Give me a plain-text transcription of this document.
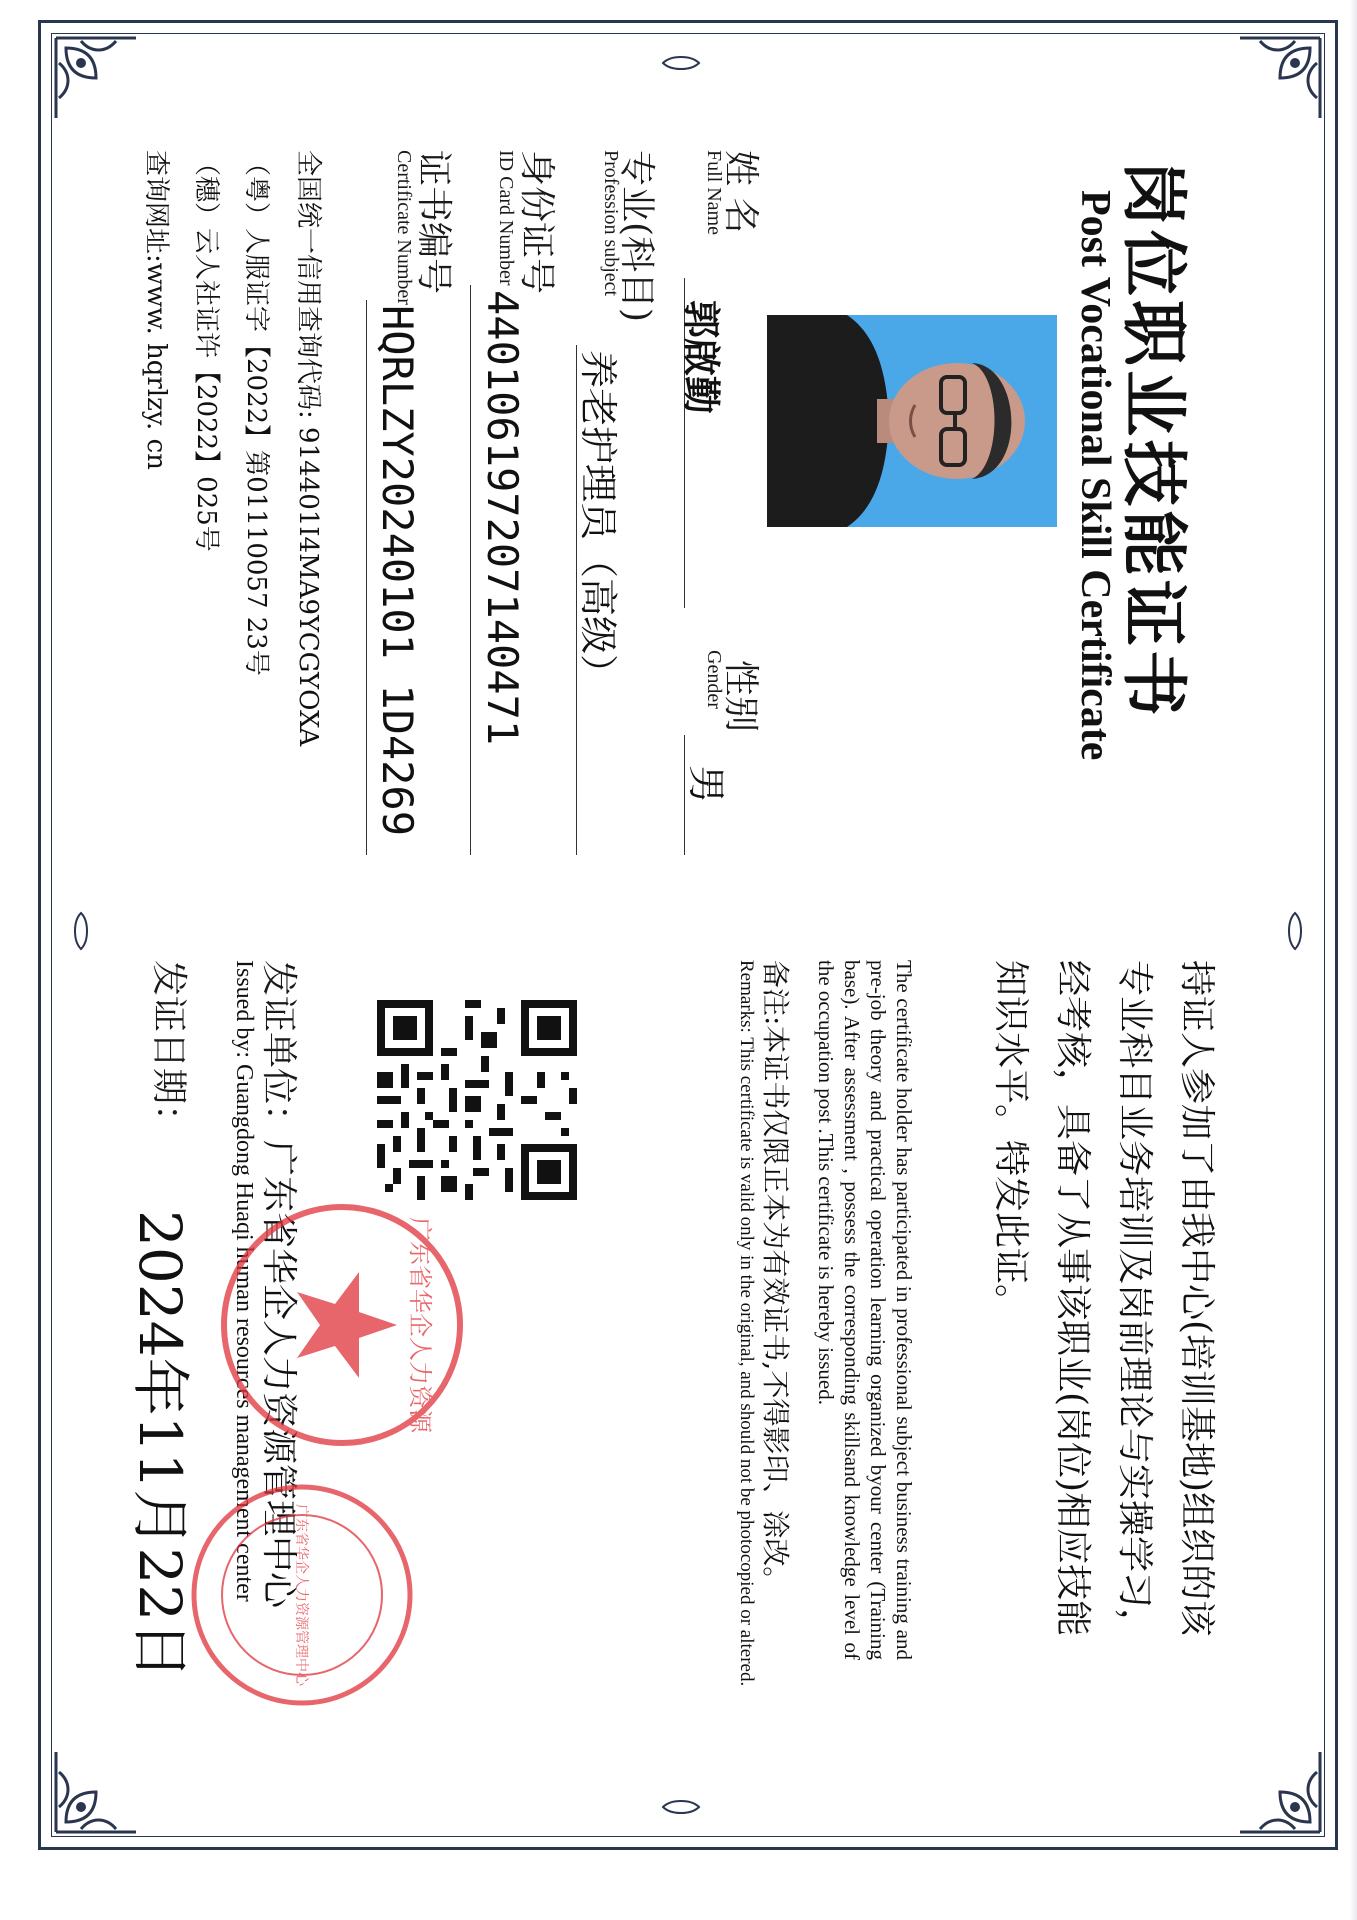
岗位职业技能证书
Post Vocational Skill Certificate
姓 名
Full Name
郭啟勤
性别
Gender
男
专业(科目)
Profession subject
养老护理员（高级）
身份证号
ID Card Number
440106197207140471
证书编号
Certificate Number
HQRLZY20240101 1D4269
全国统一信用查询代码: 914401I4MA9YCGYOXA
（粤）人服证字【2022】第01110057 23号
（穗）云人社证许【2022】025号
查询网址:www. hqrlzy. cn
持证人参加了由我中心(培训基地)组织的该专业科目业务培训及岗前理论与实操学习，经考核，具备了从事该职业(岗位)相应技能知识水平。特发此证。
The certificate holder has participated in professional subject business training and pre-job theory and practical operation learning organized byour center (Training base). After assessment , possess the corresponding skillsand knowledge level of the occupation post .This certificate is hereby issued.
备注:本证书仅限正本为有效证书,不得影印、涂改。
Remarks: This certificate is valid only in the original, and should not be photocopied or altered.
发证单位：
广东省华企人力资源管理中心
Issued by: Guangdong Huaqi human resources management center
发证日期：
2024年11月22日	广东省华企人力资源
广东省华企人力资源管理中心
